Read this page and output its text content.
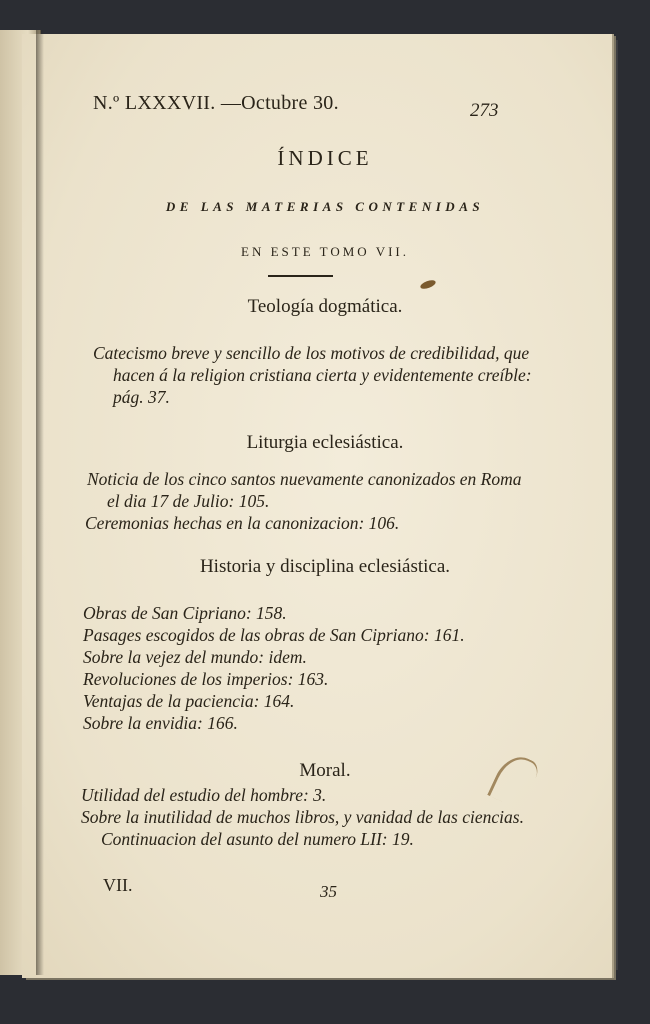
N.º LXXXVII. —Octubre 30.	273
ÍNDICE
DE LAS MATERIAS CONTENIDAS
EN ESTE TOMO VII.
Teología dogmática.
Catecismo breve y sencillo de los motivos de credibilidad, que hacen á la religion cristiana cierta y evidentemente creíble: pág. 37.
Liturgia eclesiástica.
Noticia de los cinco santos nuevamente canonizados en Roma el dia 17 de Julio: 105.
Ceremonias hechas en la canonizacion: 106.
Historia y disciplina eclesiástica.
Obras de San Cipriano: 158.
Pasages escogidos de las obras de San Cipriano: 161.
Sobre la vejez del mundo: idem.
Revoluciones de los imperios: 163.
Ventajas de la paciencia: 164.
Sobre la envidia: 166.
Moral.
Utilidad del estudio del hombre: 3.
Sobre la inutilidad de muchos libros, y vanidad de las ciencias. Continuacion del asunto del numero LII: 19.
VII.	35
